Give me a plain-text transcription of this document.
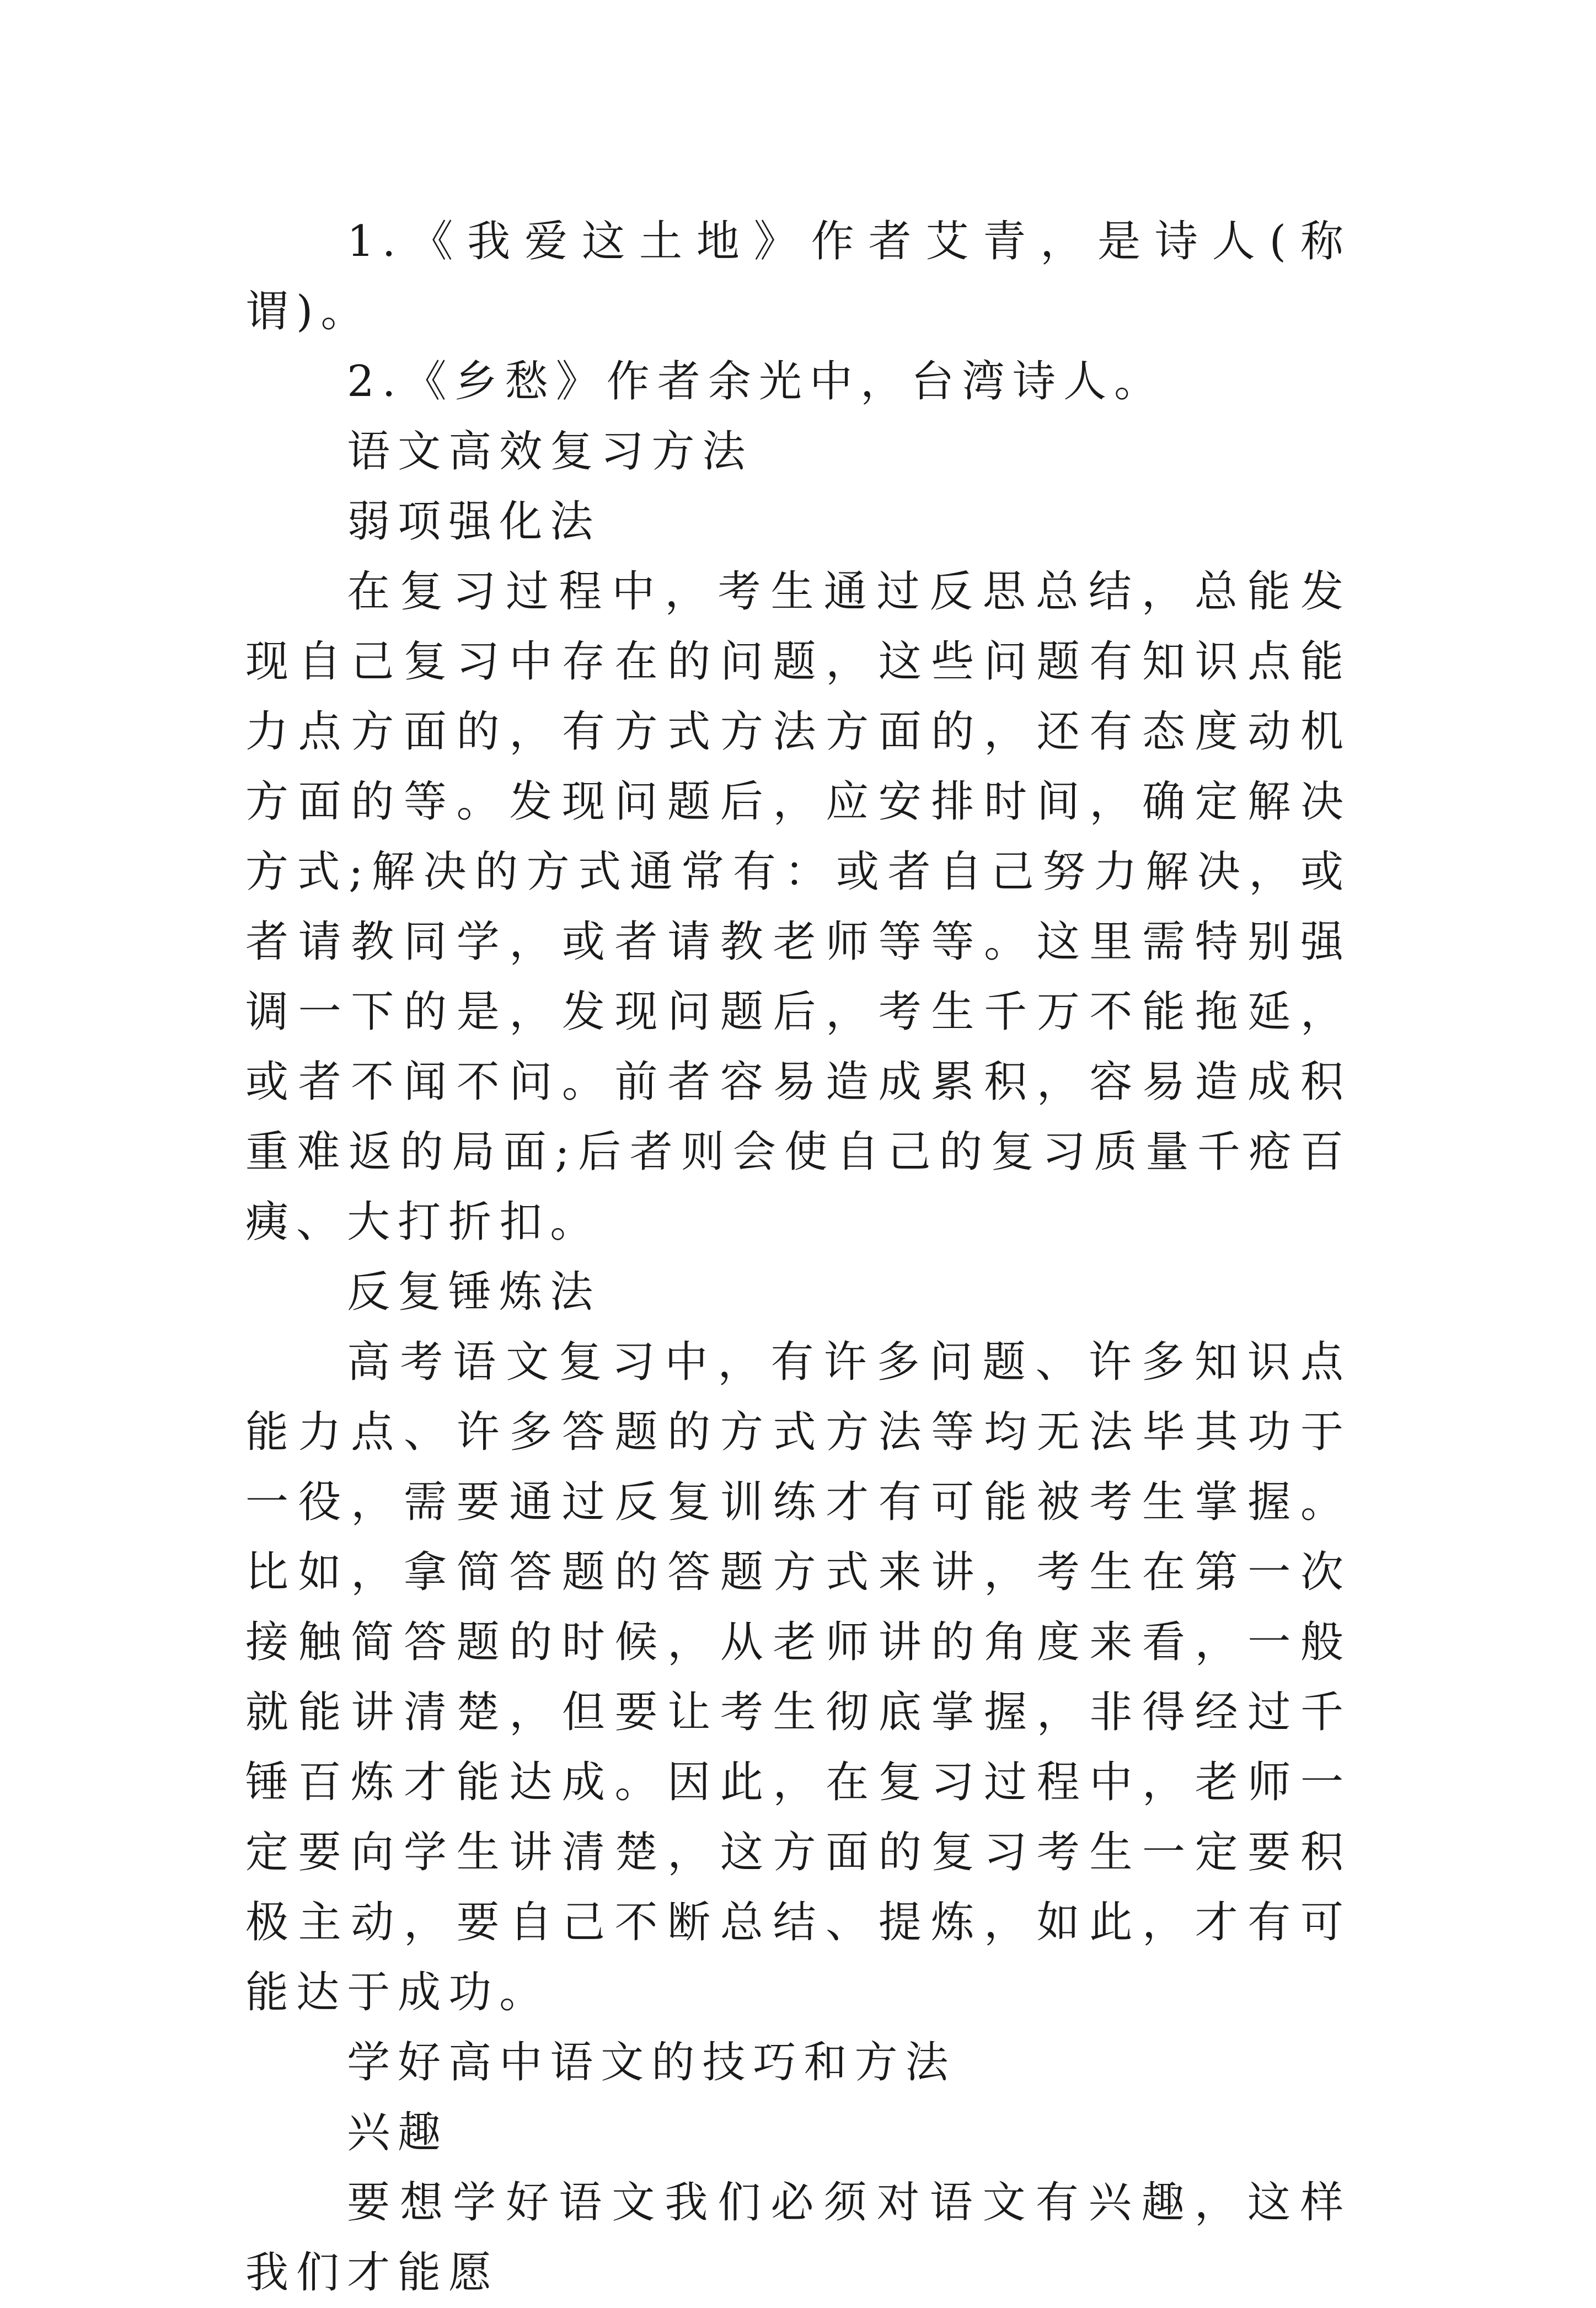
1.《我爱这土地》作者艾青，是诗人(称谓)。

2.《乡愁》作者余光中，台湾诗人。

语文高效复习方法

弱项强化法

在复习过程中，考生通过反思总结，总能发现自己复习中存在的问题，这些问题有知识点能力点方面的，有方式方法方面的，还有态度动机方面的等。发现问题后，应安排时间，确定解决方式;解决的方式通常有：或者自己努力解决，或者请教同学，或者请教老师等等。这里需特别强调一下的是，发现问题后，考生千万不能拖延，或者不闻不问。前者容易造成累积，容易造成积重难返的局面;后者则会使自己的复习质量千疮百痍、大打折扣。

反复锤炼法

高考语文复习中，有许多问题、许多知识点能力点、许多答题的方式方法等均无法毕其功于一役，需要通过反复训练才有可能被考生掌握。比如，拿简答题的答题方式来讲，考生在第一次接触简答题的时候，从老师讲的角度来看，一般就能讲清楚，但要让考生彻底掌握，非得经过千锤百炼才能达成。因此，在复习过程中，老师一定要向学生讲清楚，这方面的复习考生一定要积极主动，要自己不断总结、提炼，如此，才有可能达于成功。

学好高中语文的技巧和方法

兴趣

要想学好语文我们必须对语文有兴趣，这样我们才能愿
